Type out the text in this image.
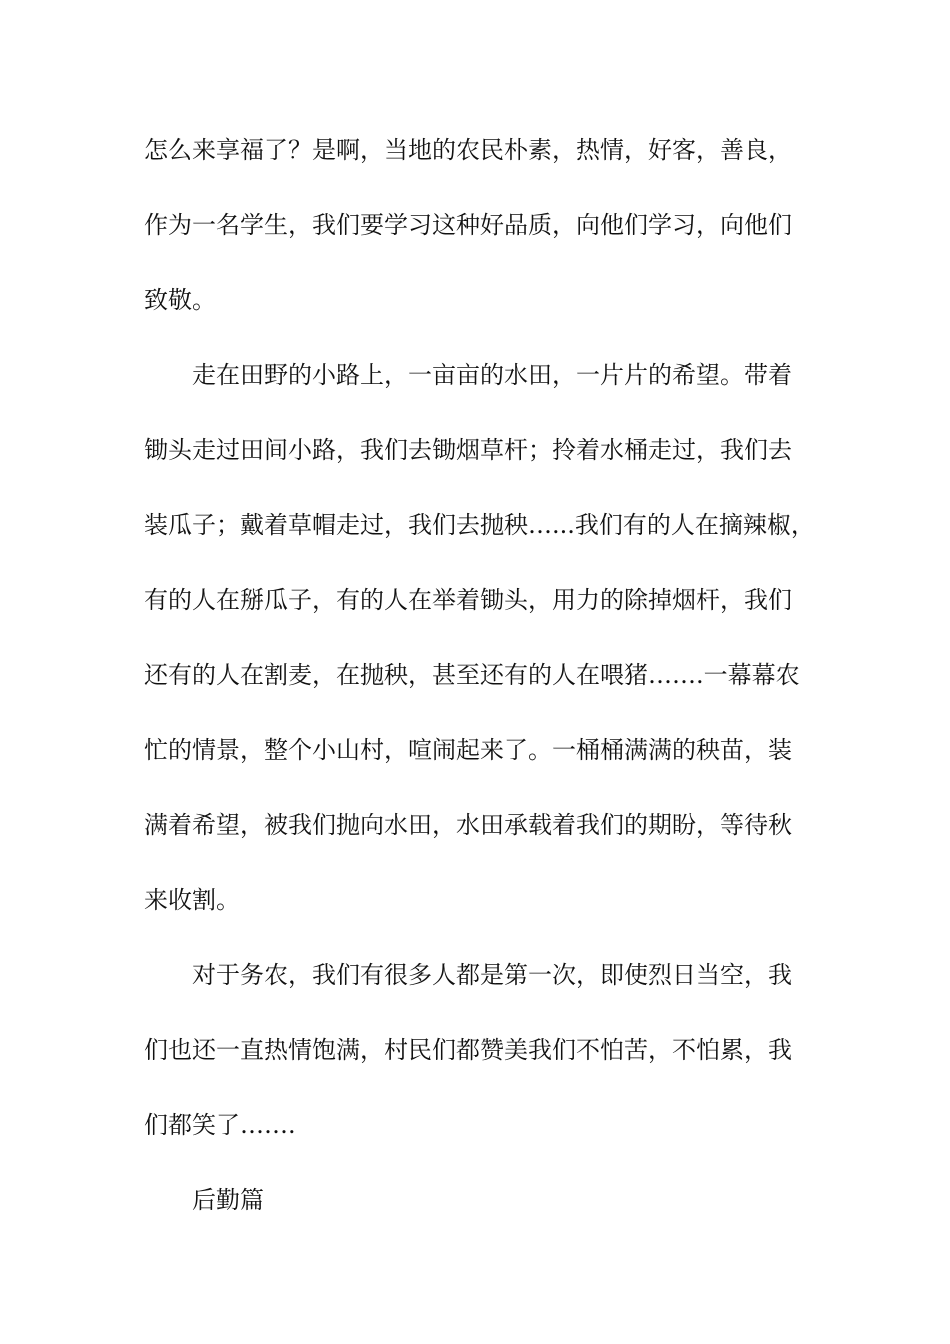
怎么来享福了？是啊，当地的农民朴素，热情，好客，善良，
作为一名学生，我们要学习这种好品质，向他们学习，向他们
致敬。
走在田野的小路上，一亩亩的水田，一片片的希望。带着
锄头走过田间小路，我们去锄烟草杆；拎着水桶走过，我们去
装瓜子；戴着草帽走过，我们去抛秧…...我们有的人在摘辣椒，
有的人在掰瓜子，有的人在举着锄头，用力的除掉烟杆，我们
还有的人在割麦，在抛秧，甚至还有的人在喂猪…….一幕幕农
忙的情景，整个小山村，喧闹起来了。一桶桶满满的秧苗，装
满着希望，被我们抛向水田，水田承载着我们的期盼，等待秋
来收割。
对于务农，我们有很多人都是第一次，即使烈日当空，我
们也还一直热情饱满，村民们都赞美我们不怕苦，不怕累，我
们都笑了…….
后勤篇
